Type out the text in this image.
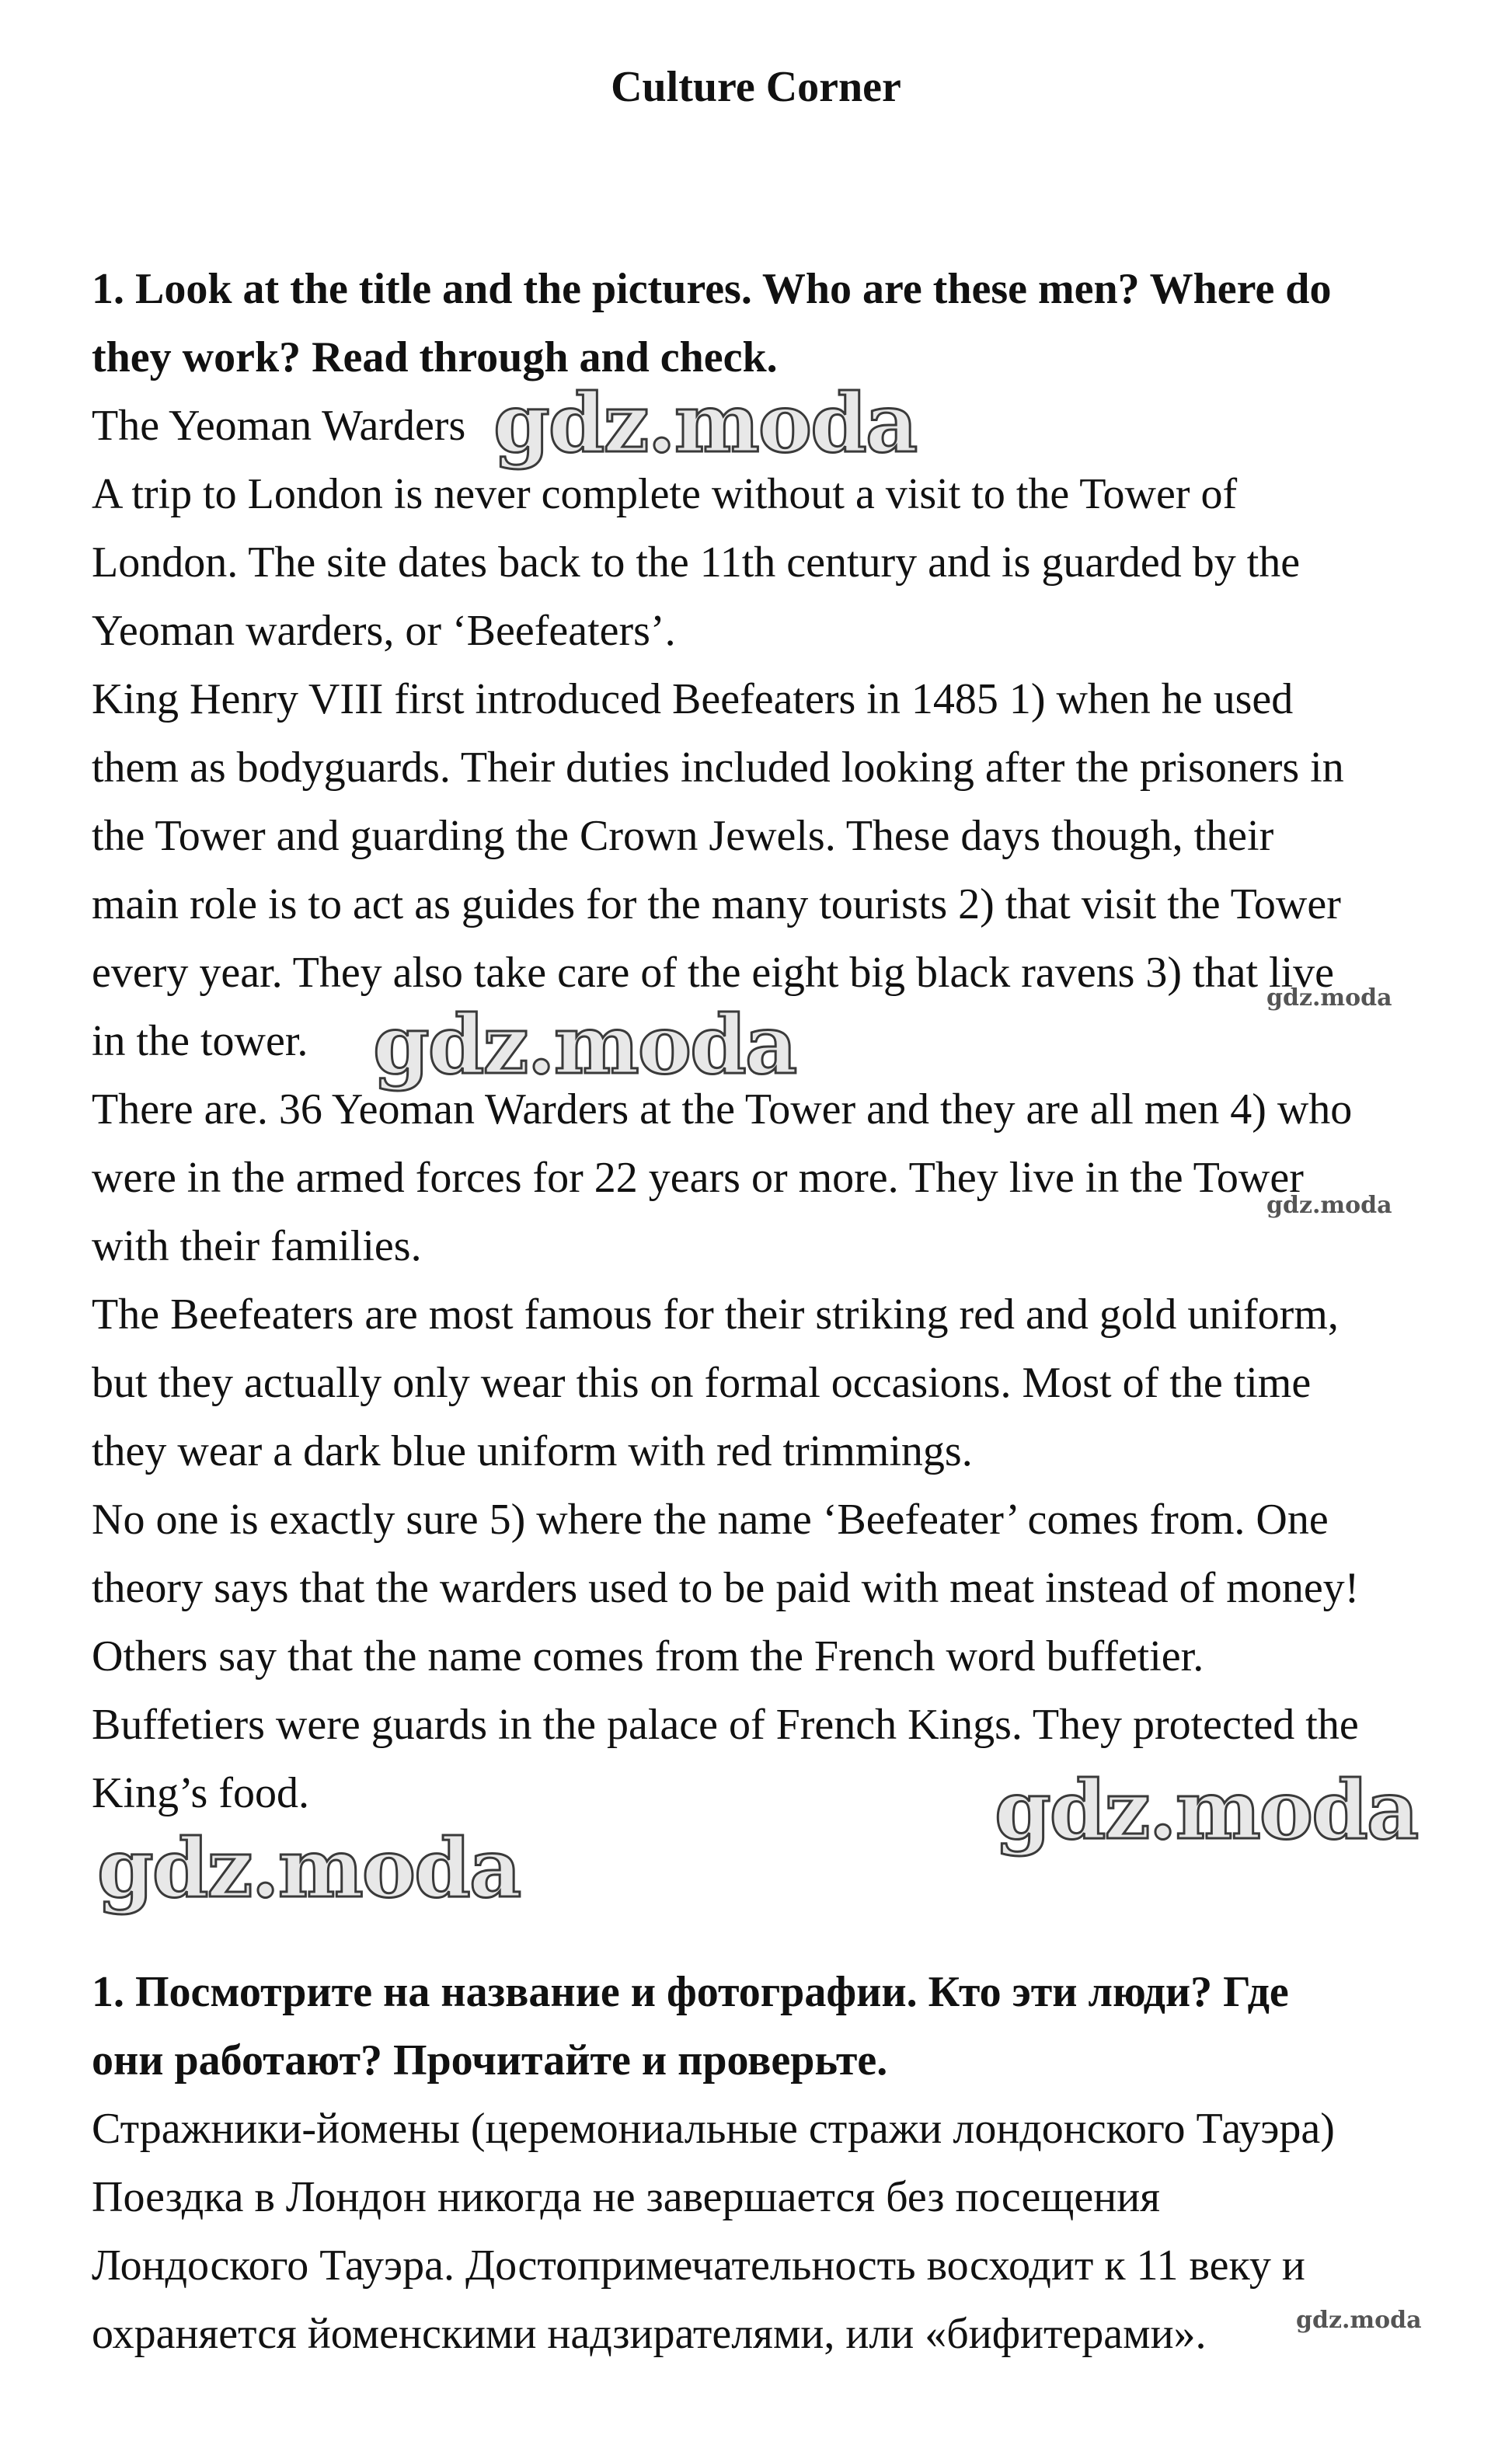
Culture Corner
1. Look at the title and the pictures. Who are these men? Where do
they work? Read through and check.
The Yeoman Warders
A trip to London is never complete without a visit to the Tower of
London. The site dates back to the 11th century and is guarded by the
Yeoman warders, or ‘Beefeaters’.
King Henry VIII first introduced Beefeaters in 1485 1) when he used
them as bodyguards. Their duties included looking after the prisoners in
the Tower and guarding the Crown Jewels. These days though, their
main role is to act as guides for the many tourists 2) that visit the Tower
every year. They also take care of the eight big black ravens 3) that live
in the tower.
There are. 36 Yeoman Warders at the Tower and they are all men 4) who
were in the armed forces for 22 years or more. They live in the Tower
with their families.
The Beefeaters are most famous for their striking red and gold uniform,
but they actually only wear this on formal occasions. Most of the time
they wear a dark blue uniform with red trimmings.
No one is exactly sure 5) where the name ‘Beefeater’ comes from. One
theory says that the warders used to be paid with meat instead of money!
Others say that the name comes from the French word buffetier.
Buffetiers were guards in the palace of French Kings. They protected the
King’s food.
1. Посмотрите на название и фотографии. Кто эти люди? Где
они работают? Прочитайте и проверьте.
Стражники-йомены (церемониальные стражи лондонского Тауэра)
Поездка в Лондон никогда не завершается без посещения
Лондоского Тауэра. Достопримечательность восходит к 11 веку и
охраняется йоменскими надзирателями, или «бифитерами».
gdz.moda
gdz.moda
gdz.moda
gdz.moda
gdz.moda
gdz.moda
gdz.moda
